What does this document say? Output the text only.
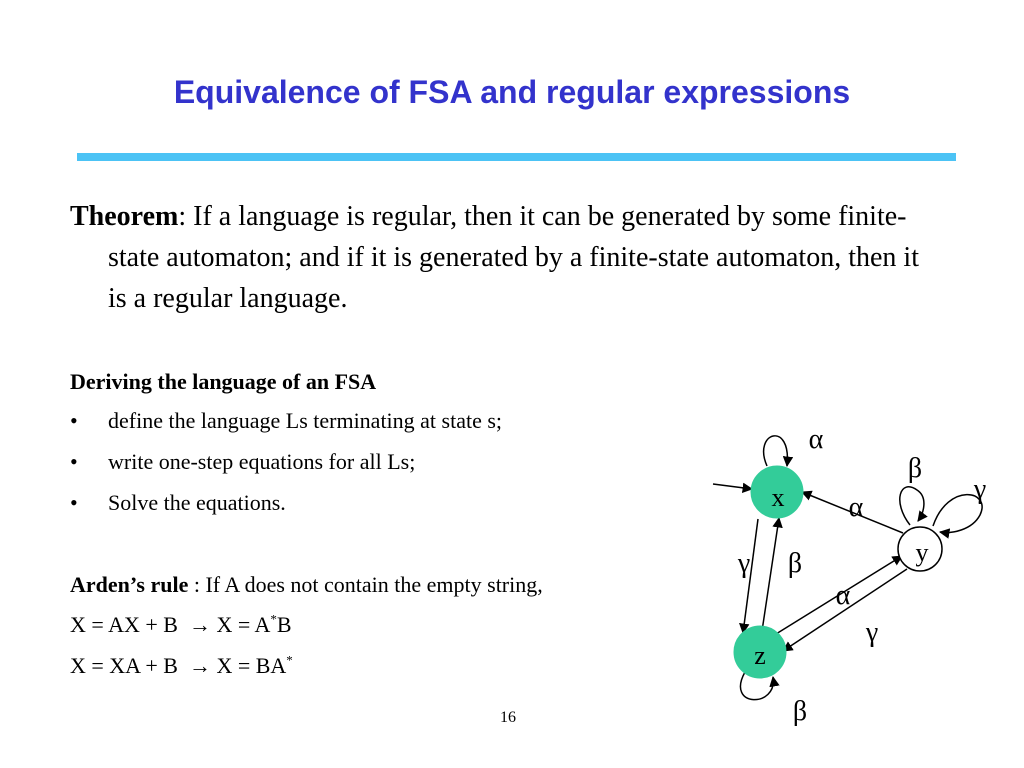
Equivalence of FSA and regular expressions
Theorem: If a language is regular, then it can be generated by some finite-state automaton; and if it is generated by a finite-state automaton, then it is a regular language.
Deriving the language of an FSA
• define the language Ls terminating at state s;
• write one-step equations for all Ls;
• Solve the equations.
Arden’s rule : If A does not contain the empty string,
X = AX + B → X = A*B
X = XA + B → X = BA*
x
y
z
α
β
γ
α
γ β
α
γ
β
16
